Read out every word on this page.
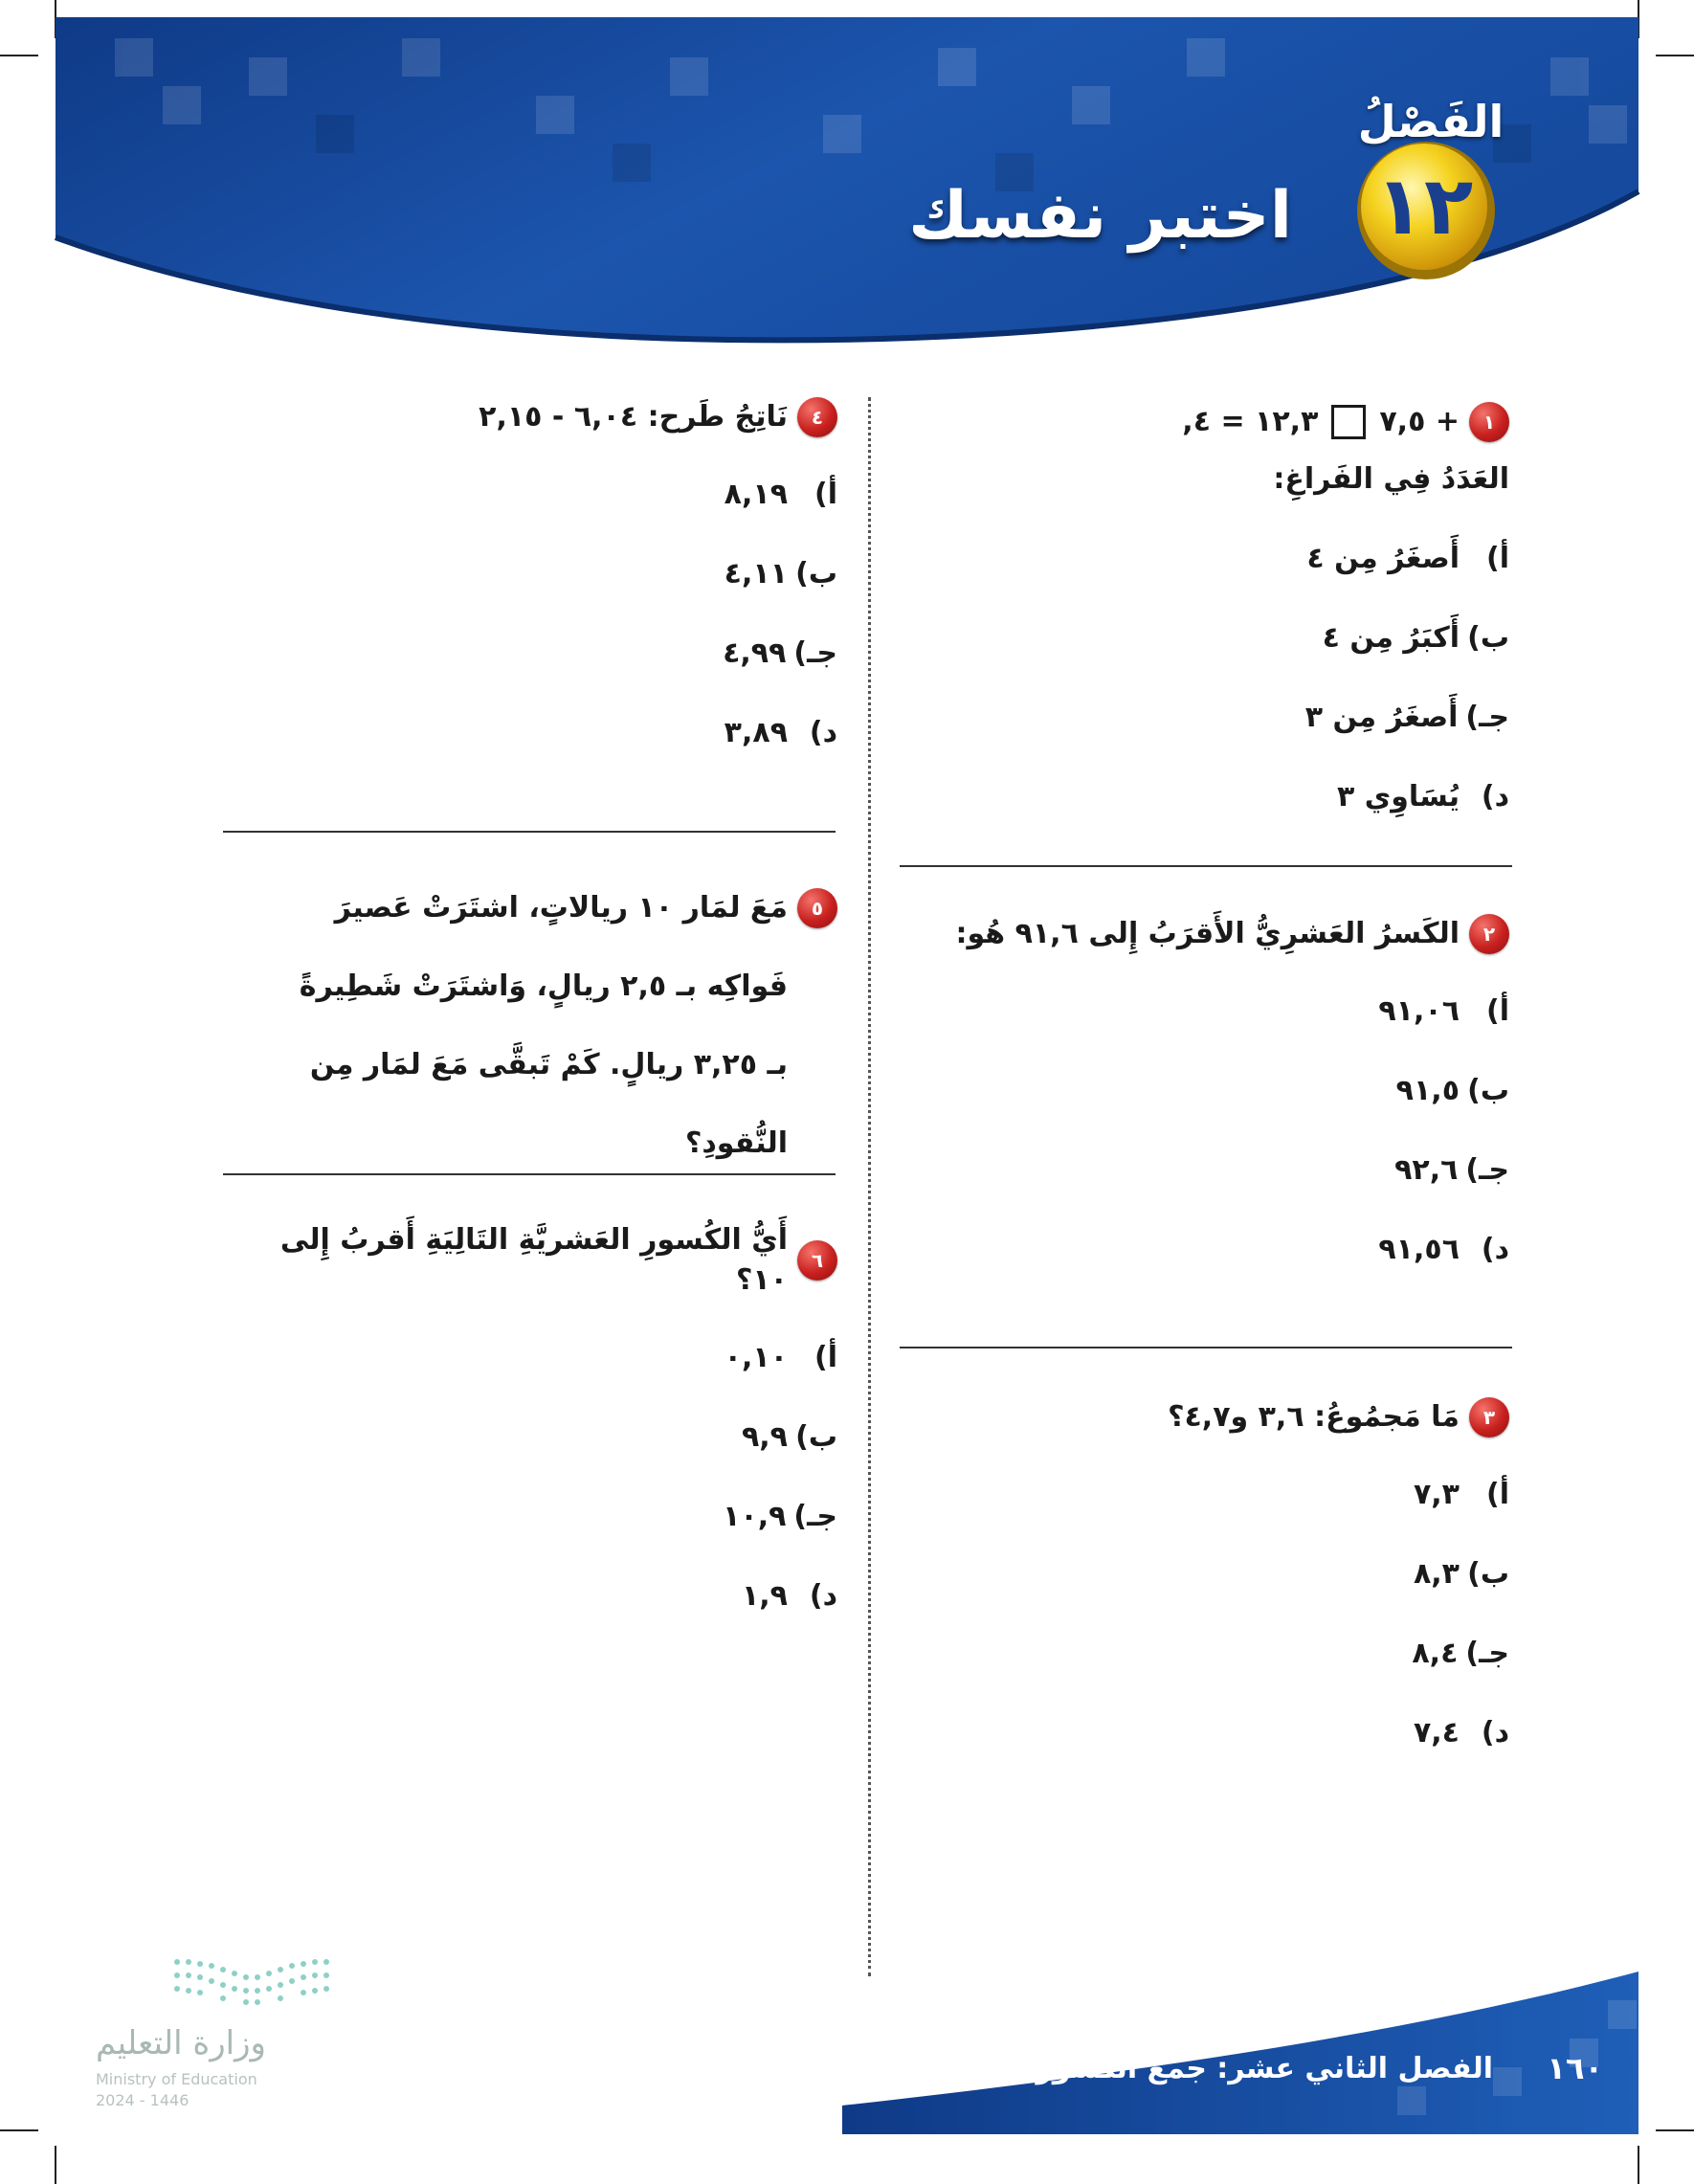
الفَصْلُ
١٢
اختبر نفسك
١
+ ٧,٥
١٢,٣ = ٤,
العَدَدُ فِي الفَراغِ:
أ)
أَصغَرُ مِن ٤
ب)
أَكبَرُ مِن ٤
جـ)
أَصغَرُ مِن ٣
د)
يُسَاوِي ٣
٢
الكَسرُ العَشرِيُّ الأَقرَبُ إِلى ٩١,٦ هُو:
أ)
٩١,٠٦
ب)
٩١,٥
جـ)
٩٢,٦
د)
٩١,٥٦
٣
مَا مَجمُوعُ: ٣,٦ و٤,٧؟
أ)
٧,٣
ب)
٨,٣
جـ)
٨,٤
د)
٧,٤
٤
نَاتِجُ طَرح: ٦,٠٤ - ٢,١٥
أ)
٨,١٩
ب)
٤,١١
جـ)
٤,٩٩
د)
٣,٨٩
٥
مَعَ لمَار ١٠ ريالاتٍ، اشتَرَتْ عَصيرَ
فَواكِه بـ ٢,٥ ريالٍ، وَاشتَرَتْ شَطِيرةً
بـ ٣,٢٥ ريالٍ. كَمْ تَبقَّى مَعَ لمَار مِن
النُّقودِ؟
٦
أَيُّ الكُسورِ العَشريَّةِ التَالِيَةِ أَقربُ إِلى ١٠؟
أ)
٠,١٠
ب)
٩,٩
جـ)
١٠,٩
د)
١,٩
وزارة التعليم
Ministry of Education
2024 - 1446
الفصل الثاني عشر: جمع الكسور العشرية وطرحها ١٦٠
